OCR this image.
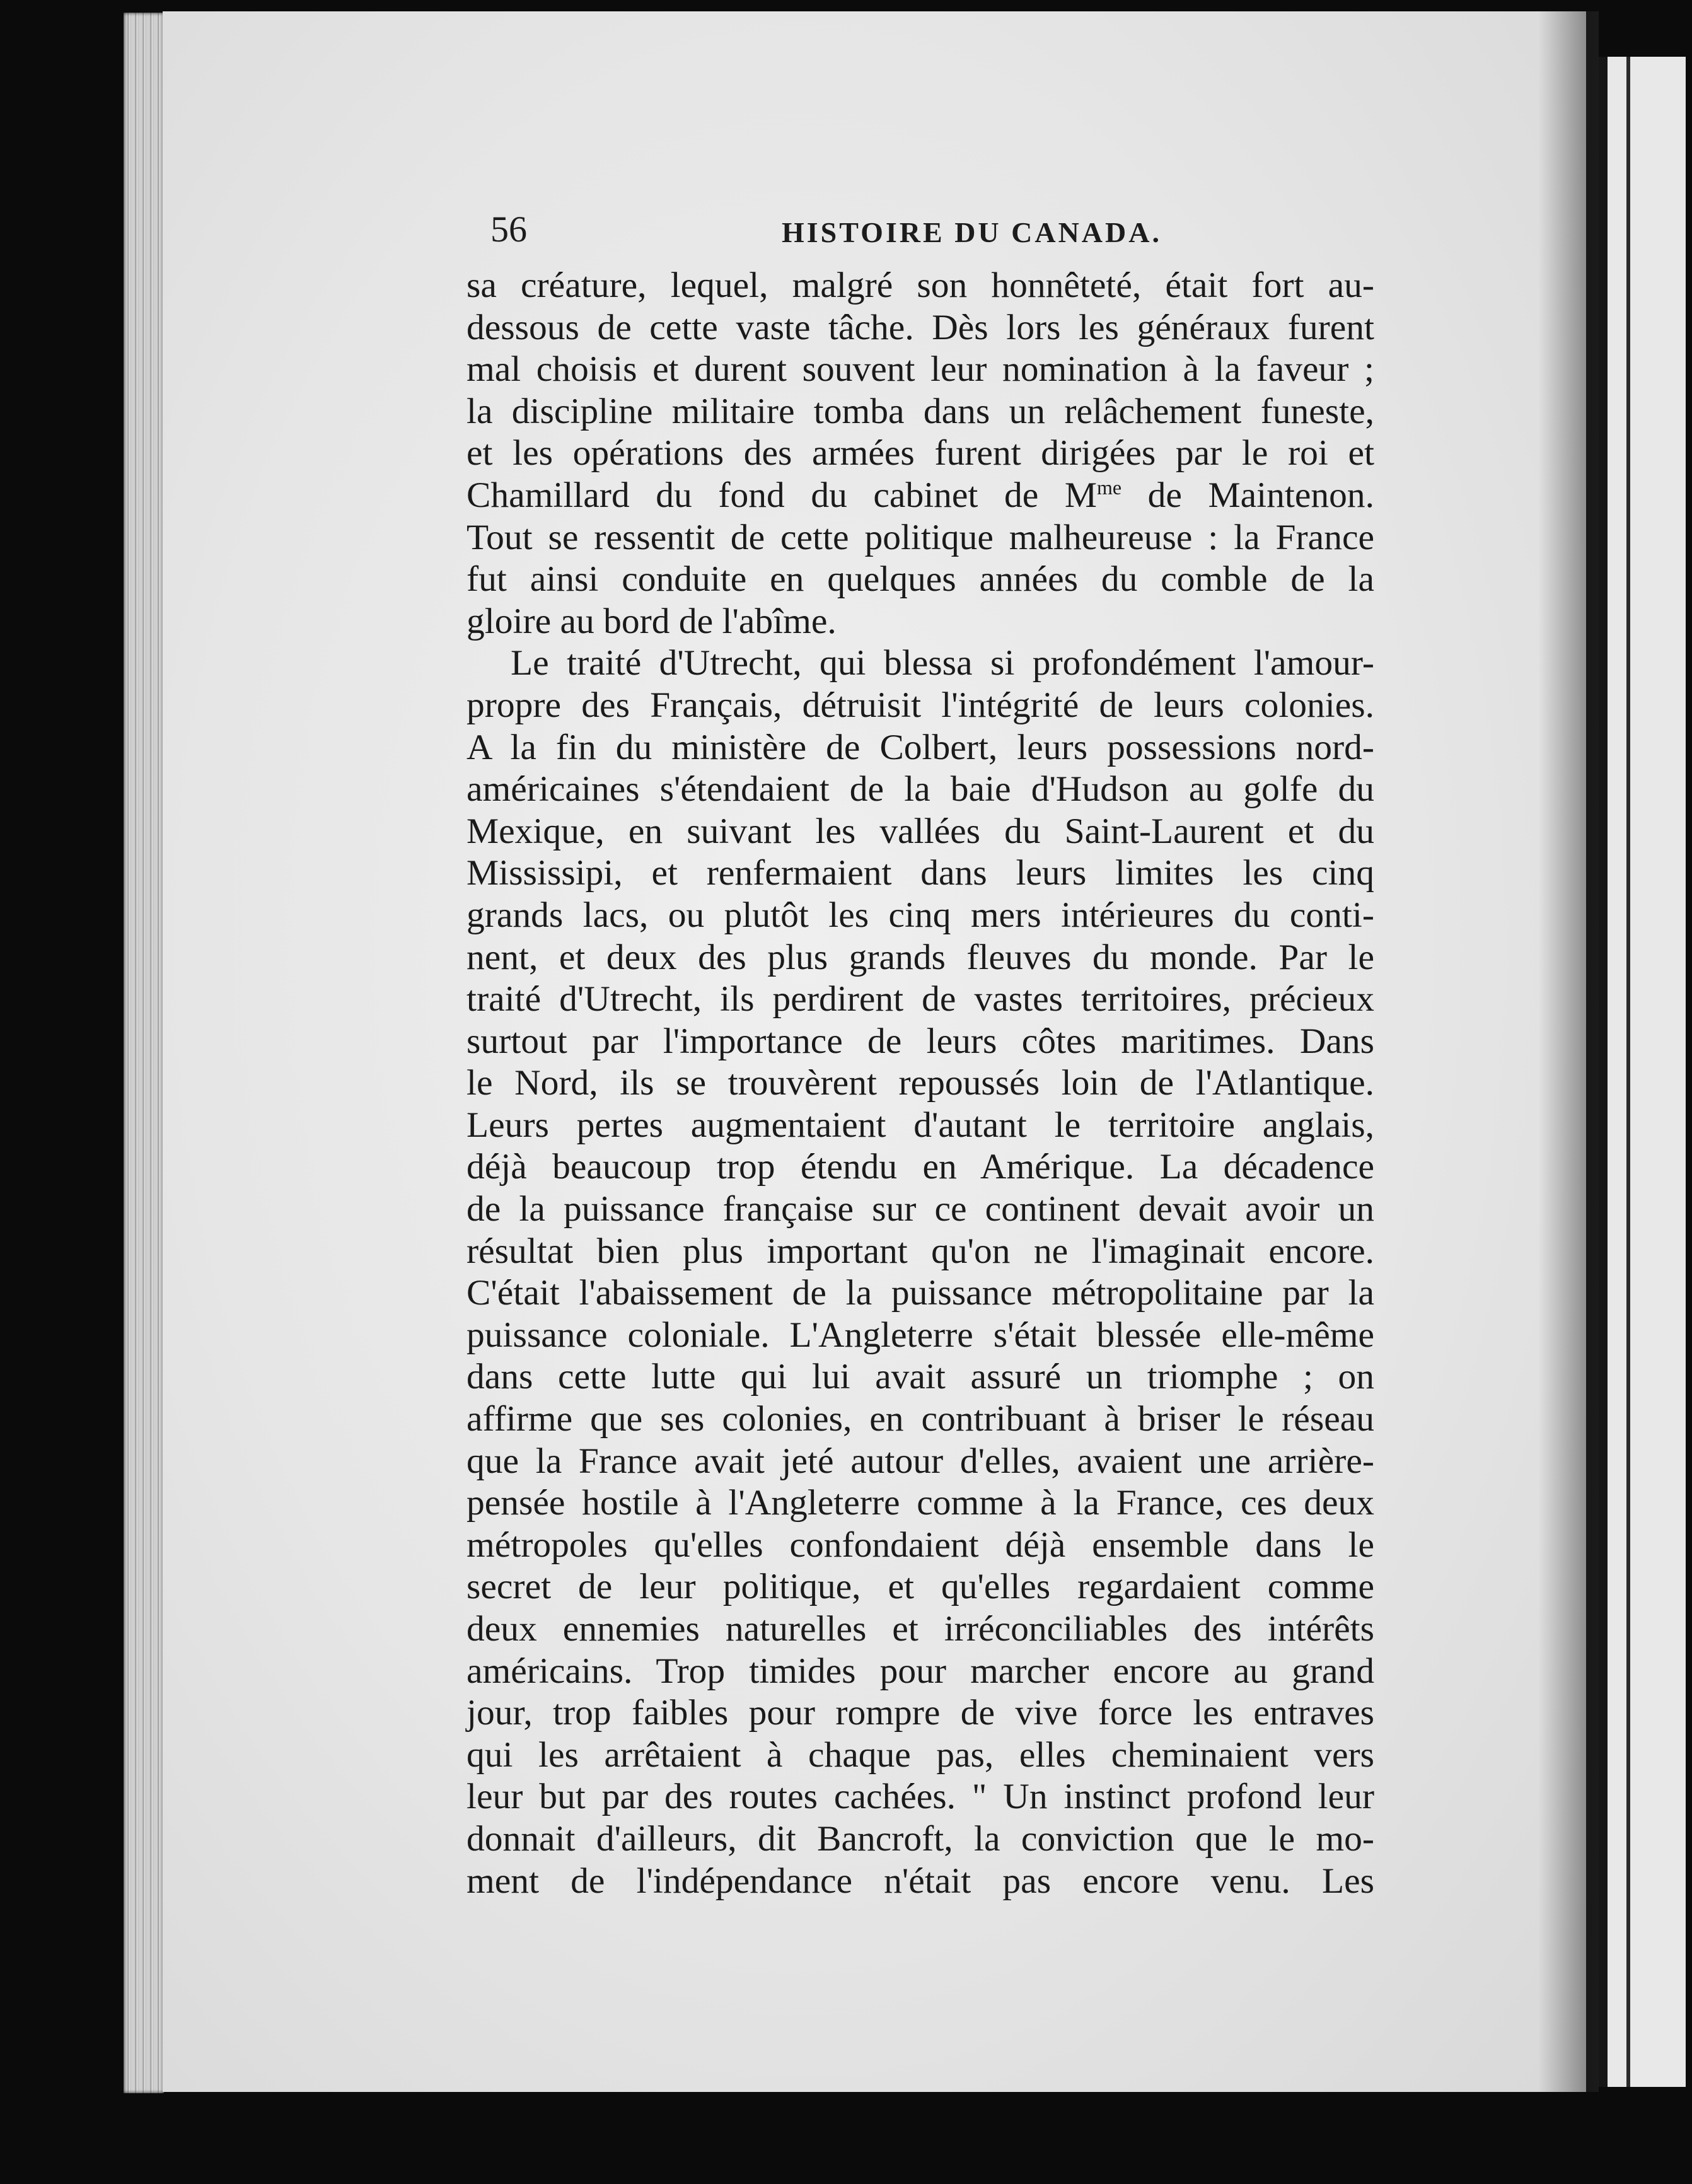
56	HISTOIRE DU CANADA.
sa créature, lequel, malgré son honnêteté, était fort au-
dessous de cette vaste tâche. Dès lors les généraux furent
mal choisis et durent souvent leur nomination à la faveur ;
la discipline militaire tomba dans un relâchement funeste,
et les opérations des armées furent dirigées par le roi et
Chamillard du fond du cabinet de $M^{me}$ de Maintenon.
Tout se ressentit de cette politique malheureuse : la France
fut ainsi conduite en quelques années du comble de la
gloire au bord de l'abîme.
Le traité d'Utrecht, qui blessa si profondément l'amour-
propre des Français, détruisit l'intégrité de leurs colonies.
A la fin du ministère de Colbert, leurs possessions nord-
américaines s'étendaient de la baie d'Hudson au golfe du
Mexique, en suivant les vallées du Saint-Laurent et du
Mississipi, et renfermaient dans leurs limites les cinq
grands lacs, ou plutôt les cinq mers intérieures du conti-
nent, et deux des plus grands fleuves du monde. Par le
traité d'Utrecht, ils perdirent de vastes territoires, précieux
surtout par l'importance de leurs côtes maritimes. Dans
le Nord, ils se trouvèrent repoussés loin de l'Atlantique.
Leurs pertes augmentaient d'autant le territoire anglais,
déjà beaucoup trop étendu en Amérique. La décadence
de la puissance française sur ce continent devait avoir un
résultat bien plus important qu'on ne l'imaginait encore.
C'était l'abaissement de la puissance métropolitaine par la
puissance coloniale. L'Angleterre s'était blessée elle-même
dans cette lutte qui lui avait assuré un triomphe ; on
affirme que ses colonies, en contribuant à briser le réseau
que la France avait jeté autour d'elles, avaient une arrière-
pensée hostile à l'Angleterre comme à la France, ces deux
métropoles qu'elles confondaient déjà ensemble dans le
secret de leur politique, et qu'elles regardaient comme
deux ennemies naturelles et irréconciliables des intérêts
américains. Trop timides pour marcher encore au grand
jour, trop faibles pour rompre de vive force les entraves
qui les arrêtaient à chaque pas, elles cheminaient vers
leur but par des routes cachées. " Un instinct profond leur
donnait d'ailleurs, dit Bancroft, la conviction que le mo-
ment de l'indépendance n'était pas encore venu. Les
